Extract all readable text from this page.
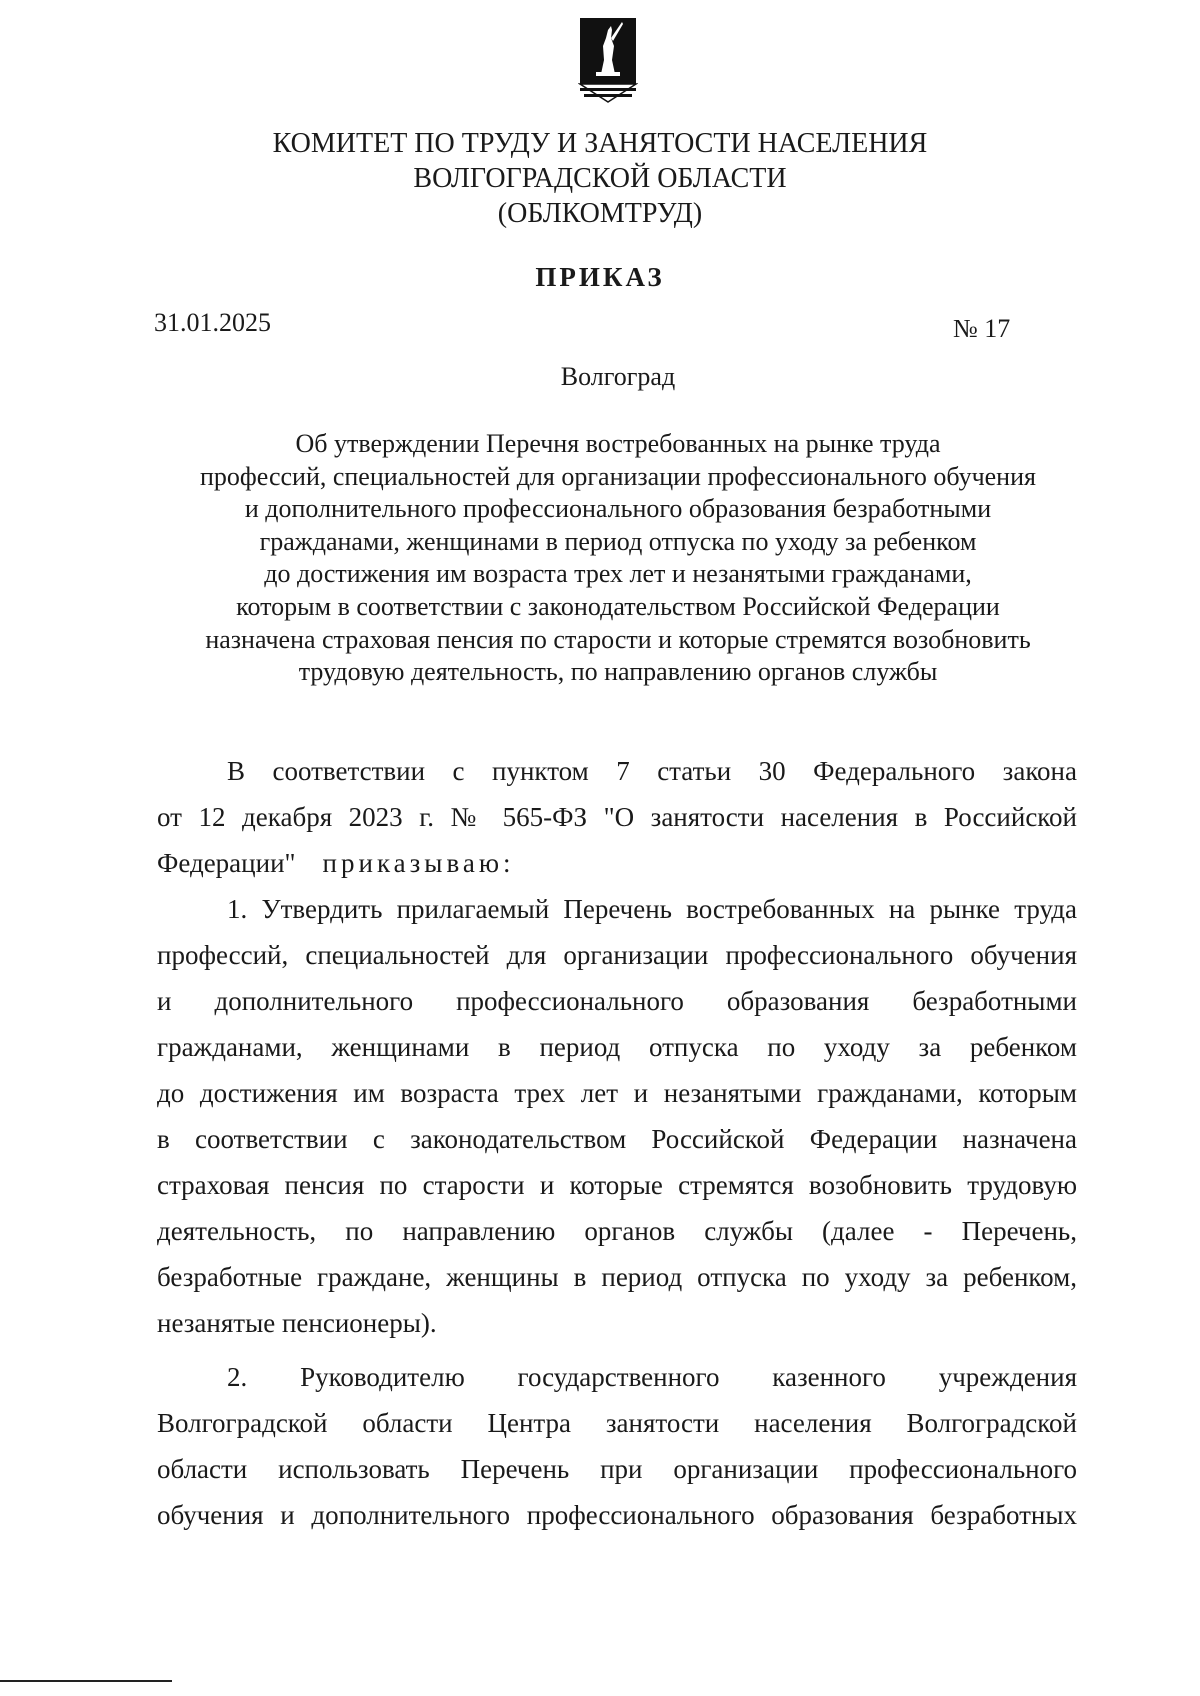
КОМИТЕТ ПО ТРУДУ И ЗАНЯТОСТИ НАСЕЛЕНИЯ
ВОЛГОГРАДСКОЙ ОБЛАСТИ
(ОБЛКОМТРУД)
ПРИКАЗ
31.01.2025	№ 17
Волгоград
Об утверждении Перечня востребованных на рынке труда
профессий, специальностей для организации профессионального обучения
и дополнительного профессионального образования безработными
гражданами, женщинами в период отпуска по уходу за ребенком
до достижения им возраста трех лет и незанятыми гражданами,
которым в соответствии с законодательством Российской Федерации
назначена страховая пенсия по старости и которые стремятся возобновить
трудовую деятельность, по направлению органов службы
В соответствии с пунктом 7 статьи 30 Федерального закона
от 12 декабря 2023 г. № 565-ФЗ "О занятости населения в Российской
Федерации" приказываю:
1. Утвердить прилагаемый Перечень востребованных на рынке труда
профессий, специальностей для организации профессионального обучения
и дополнительного профессионального образования безработными
гражданами, женщинами в период отпуска по уходу за ребенком
до достижения им возраста трех лет и незанятыми гражданами, которым
в соответствии с законодательством Российской Федерации назначена
страховая пенсия по старости и которые стремятся возобновить трудовую
деятельность, по направлению органов службы (далее - Перечень,
безработные граждане, женщины в период отпуска по уходу за ребенком,
незанятые пенсионеры).
2. Руководителю государственного казенного учреждения
Волгоградской области Центра занятости населения Волгоградской
области использовать Перечень при организации профессионального
обучения и дополнительного профессионального образования безработных
